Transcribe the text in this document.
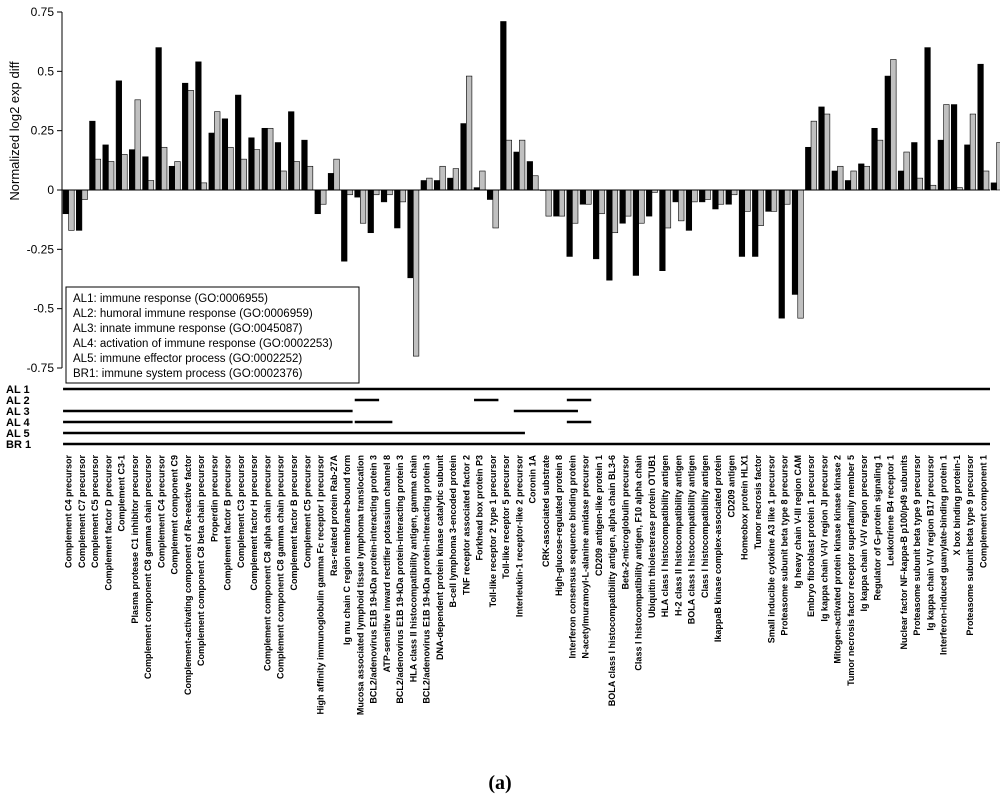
Normalized log2 exp diff
-0.75
-0.5
-0.25
0
0.25
0.5
0.75
AL1: immune response (GO:0006955)
AL2: humoral immune response (GO:0006959)
AL3: innate immune response (GO:0045087)
AL4: activation of immune response (GO:0002253)
AL5: immune effector process (GO:0002252)
BR1: immune system process (GO:0002376)
AL 1
AL 2
AL 3
AL 4
AL 5
BR 1
Complement C4 precursor Complement C7 precursor Complement C5 precursor Complement factor D precursor Complement C3-1 Plasma protease C1 inhibitor precursor Complement component C8 gamma chain precursor Complement C4 precursor Complement component C9 Complement-activating component of Ra-reactive factor Complement component C8 beta chain precursor Properdin precursor Complement factor B precursor Complement C3 precursor Complement factor H precursor Complement component C8 alpha chain precursor Complement component C8 gamma chain precursor Complement factor B precursor Complement C5 precursor High affinity immunoglobulin gamma Fc receptor I precursor Ras-related protein Rab-27A Ig mu chain C region membrane-bound form Mucosa associated lymphoid tissue lymphoma translocation BCL2/adenovirus E1B 19-kDa protein-interacting protein 3 ATP-sensitive inward rectifier potassium channel 8 BCL2/adenovirus E1B 19-kDa protein-interacting protein 3 HLA class II histocompatibility antigen, gamma chain BCL2/adenovirus E1B 19-kDa protein-interacting protein 3 DNA-dependent protein kinase catalytic subunit B-cell lymphoma 3-encoded protein TNF receptor associated factor 2 Forkhead box protein P3 Toll-like receptor 2 type 1 precursor Toll-like receptor 5 precursor Interleukin-1 receptor-like 2 precursor Coronin 1A CRK-associated substrate High-glucose-regulated protein 8 Interferon consensus sequence binding protein N-acetylmuramoyl-L-alanine amidase precursor CD209 antigen-like protein 1 BOLA class I histocompatibility antigen, alpha chain BL3-6 Beta-2-microglobulin precursor Class I histocompatibility antigen, F10 alpha chain Ubiquitin thiolesterase protein OTUB1 HLA class I histocompatibility antigen H-2 class II histocompatibility antigen BOLA class I histocompatibility antigen Class I histocompatibility antigen IkappaB kinase complex-associated protein CD209 antigen Homeobox protein HLX1 Tumor necrosis factor Small inducible cytokine A3 like 1 precursor Proteasome subunit beta type 8 precursor Ig heavy chain V-III region CAM Embryo fibroblast protein 1 precursor Ig kappa chain V-IV region JI precursor Mitogen-activated protein kinase kinase kinase 2 Tumor necrosis factor receptor superfamily member 5 Ig kappa chain V-IV region precursor Regulator of G-protein signaling 1 Leukotriene B4 receptor 1 Nuclear factor NF-kappa-B p100/p49 subunits Proteasome subunit beta type 9 precursor Ig kappa chain V-IV region B17 precursor Interferon-induced guanylate-binding protein 1 X box binding protein-1 Proteasome subunit beta type 9 precursor Complement component 1
(a)
